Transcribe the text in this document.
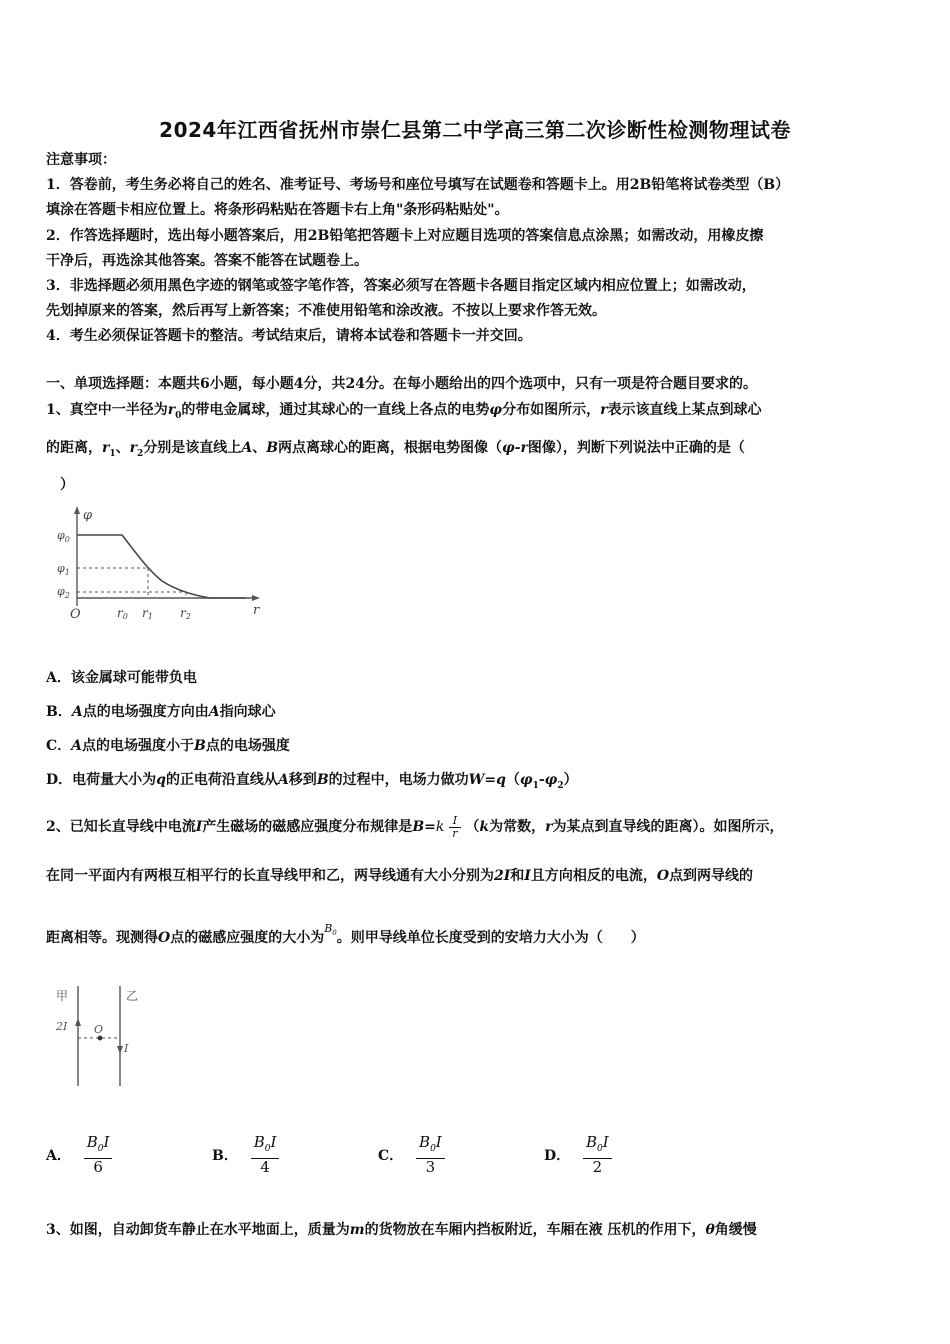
2024年江西省抚州市崇仁县第二中学高三第二次诊断性检测物理试卷
注意事项：
1．答卷前，考生务必将自己的姓名、准考证号、考场号和座位号填写在试题卷和答题卡上。用2B铅笔将试卷类型（B）
填涂在答题卡相应位置上。将条形码粘贴在答题卡右上角"条形码粘贴处"。
2．作答选择题时，选出每小题答案后，用2B铅笔把答题卡上对应题目选项的答案信息点涂黑；如需改动，用橡皮擦
干净后，再选涂其他答案。答案不能答在试题卷上。
3．非选择题必须用黑色字迹的钢笔或签字笔作答，答案必须写在答题卡各题目指定区域内相应位置上；如需改动，
先划掉原来的答案，然后再写上新答案；不准使用铅笔和涂改液。不按以上要求作答无效。
4．考生必须保证答题卡的整洁。考试结束后，请将本试卷和答题卡一并交回。
一、单项选择题：本题共6小题，每小题4分，共24分。在每小题给出的四个选项中，只有一项是符合题目要求的。
1、真空中一半径为$r_0$的带电金属球，通过其球心的一直线上各点的电势φ分布如图所示，r表示该直线上某点到球心
的距离，$r_1$、$r_2$分别是该直线上A、B两点离球心的距离，根据电势图像（φ-r图像），判断下列说法中正确的是（
）
φ
$\varphi_0$
$\varphi_1$
$\varphi_2$
O	r0 r1 r2	r
A．该金属球可能带负电
B．A点的电场强度方向由A指向球心
C．A点的电场强度小于B点的电场强度
D．电荷量大小为q的正电荷沿直线从A移到B的过程中，电场力做功$W=q(\varphi_1-\varphi_2)$
2、已知长直导线中电流I产生磁场的磁感应强度分布规律是$B=k \frac{I}{r} (k$为常数，r为某点到直导线的距离）。如图所示，
在同一平面内有两根互相平行的长直导线甲和乙，两导线通有大小分别为2I和I且方向相反的电流，O点到两导线的
距离相等。现测得O点的磁感应强度的大小为$^{B_0}$。则甲导线单位长度受到的安培力大小为（　　）
甲	乙
2I O
I
A． $\frac{B_0I}{6}$	B． $\frac{B_0I}{4}$	C． $\frac{B_0I}{3}$	D． $\frac{B_0I}{2}$
3、如图，自动卸货车静止在水平地面上，质量为m的货物放在车厢内挡板附近，车厢在液 压机的作用下，θ角缓慢
